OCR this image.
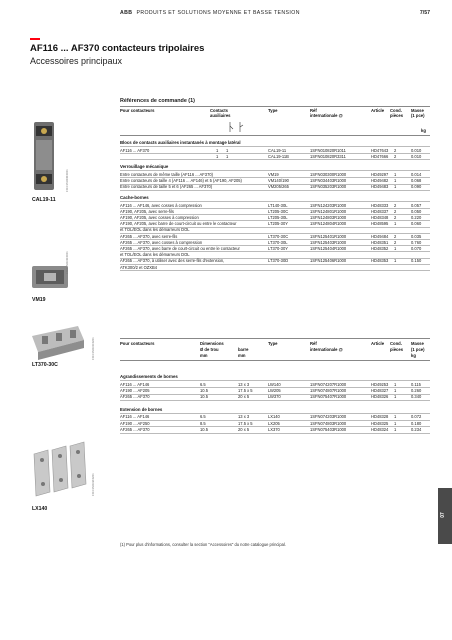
ABB PRODUITS ET SOLUTIONS MOYENNE ET BASSE TENSION	7/57
AF116 ... AF370 contacteurs tripolaires
Accessoires principaux
1SFC151009F0001
CAL19-11
1SFC152103F0001
VM19
1SFC152101F0201
LT370-30C
1SFC152102F0201
LX140
Références de commande (1)
Pour contacteurs	Contacts
auxiliaires
Type	Réf
internationale @
Article Cond.
pièces
Masse
(1 pce)
kg
Blocs de contacts auxiliaires instantanés à montage latéral
AF116 ... AF370	1 1	CAL19-11	1SFN010820R1011	HD47643 2	0.010
1 1	CAL19-11B	1SFN010820R3311	HD47666 2	0.010
Verrouillage mécanique
Entre contacteurs de même taille (AF116 ... AF370)	VM19	1SFN030300R1000	HD49297 1	0.014
Entre contacteurs de taille 4 (AF116 ... AF146) et 5 (AF190, AF205)	VM140/190	1SFN034403R1000	HD49482 1	0.068
Entre contacteurs de taille 5 et 6 (AF265 ... AF370)	VM205/265	1SFN035203R1000	HD49483 1	0.090
Cache-bornes
AF116 ... AF146, avec cosses à compression	LT140-30L	1SFN124203R1000	HD48333 2	0.057
AF190, AF205, avec serre-fils	LT205-30C	1SFN124801R1000	HD48337 2	0.050
AF190, AF205, avec cosses à compression	LT205-30L	1SFN124803R1000	HD48348 2	0.220
AF190, AF205, avec barre de court-circuit ou entre le contacteur	LT205-30Y	1SFN124804R1000	HD48595 1	0.060
et TOL/EOL dans les démarreurs DOL
AF265 ... AF370, avec serre-fils	LT370-30C	1SFN125401R1000	HD49484 2	0.035
AF265 ... AF370, avec cosses à compression	LT370-30L	1SFN125403R1000	HD48351 2	0.760
AF265 ... AF370, avec barre de court-circuit ou entre le contacteur	LT370-30Y	1SFN125404R1000	HD48352 1	0.070
et TOL/EOL dans les démarreurs DOL
AF265 ... AF370, à utiliser avec des serre-fils d'extension,	LT370-30D	1SFN125406R1000	HD48353 1	0.150
ATK300/2 et OZXB4
Pour contacteurs	Dimensions
Ø de trou
mm
barre
mm
Type	Réf
internationale @
Article Cond.
pièces
Masse
(1 pce)
kg
Agrandissements de bornes
AF116 ... AF146	6.5	13 x 3	LW140	1SFN074207R1000	HD49253 1	0.115
AF190 ... AF205	10.5	17.5 x 5	LW205	1SFN074807R1000	HD48327 1	0.260
AF265 ... AF370	10.5	20 x 5	LW370	1SFN075407R1000	HD48326 1	0.340
Extension de bornes
AF116 ... AF146	6.5	13 x 3	LX140	1SFN074203R1000	HD48328 1	0.072
AF190 ... AF250	8.5	17.5 x 5	LX205	1SFN074803R1000	HD48325 1	0.180
AF265 ... AF370	10.5	20 x 5	LX370	1SFN075403R1000	HD48324 1	0.234
(1) Pour plus d'informations, consulter la section "Accessoires" du notre catalogue principal.
07
